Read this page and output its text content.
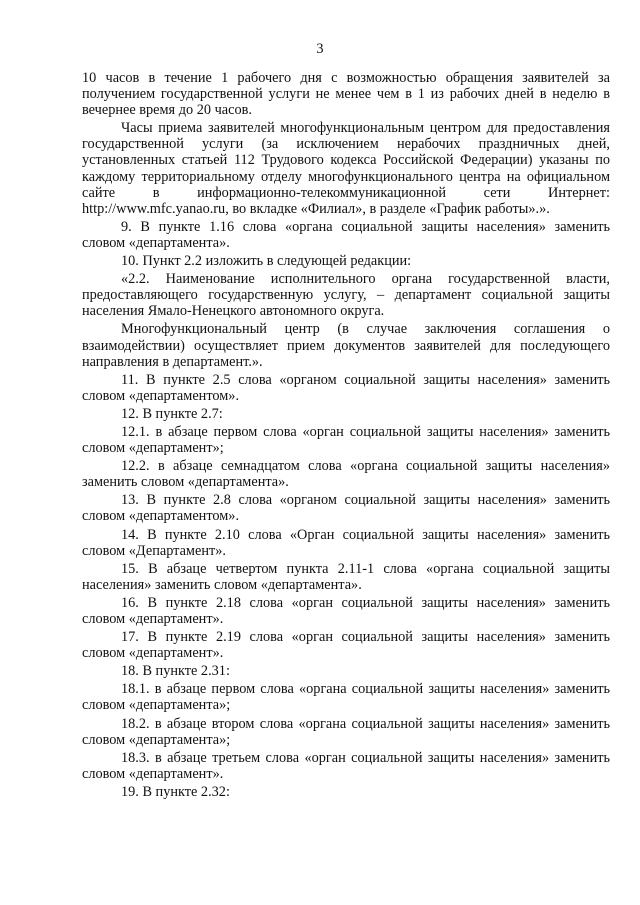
3

10 часов в течение 1 рабочего дня с возможностью обращения заявителей за получением государственной услуги не менее чем в 1 из рабочих дней в неделю в вечернее время до 20 часов.

Часы приема заявителей многофункциональным центром для предоставления государственной услуги (за исключением нерабочих праздничных дней, установленных статьей 112 Трудового кодекса Российской Федерации) указаны по каждому территориальному отделу многофункционального центра на официальном сайте в информационно-телекоммуникационной сети Интернет: http://www.mfc.yanao.ru, во вкладке «Филиал», в разделе «График работы».».

9. В пункте 1.16 слова «органа социальной защиты населения» заменить словом «департамента».

10. Пункт 2.2 изложить в следующей редакции:

«2.2. Наименование исполнительного органа государственной власти, предоставляющего государственную услугу, – департамент социальной защиты населения Ямало-Ненецкого автономного округа.

Многофункциональный центр (в случае заключения соглашения о взаимодействии) осуществляет прием документов заявителей для последующего направления в департамент.».

11. В пункте 2.5 слова «органом социальной защиты населения» заменить словом «департаментом».

12. В пункте 2.7:

12.1. в абзаце первом слова «орган социальной защиты населения» заменить словом «департамент»;

12.2. в абзаце семнадцатом слова «органа социальной защиты населения» заменить словом «департамента».

13. В пункте 2.8 слова «органом социальной защиты населения» заменить словом «департаментом».

14. В пункте 2.10 слова «Орган социальной защиты населения» заменить словом «Департамент».

15. В абзаце четвертом пункта 2.11-1 слова «органа социальной защиты населения» заменить словом «департамента».

16. В пункте 2.18 слова «орган социальной защиты населения» заменить словом «департамент».

17. В пункте 2.19 слова «орган социальной защиты населения» заменить словом «департамент».

18. В пункте 2.31:

18.1. в абзаце первом слова «органа социальной защиты населения» заменить словом «департамента»;

18.2. в абзаце втором слова «органа социальной защиты населения» заменить словом «департамента»;

18.3. в абзаце третьем слова «орган социальной защиты населения» заменить словом «департамент».

19. В пункте 2.32:
